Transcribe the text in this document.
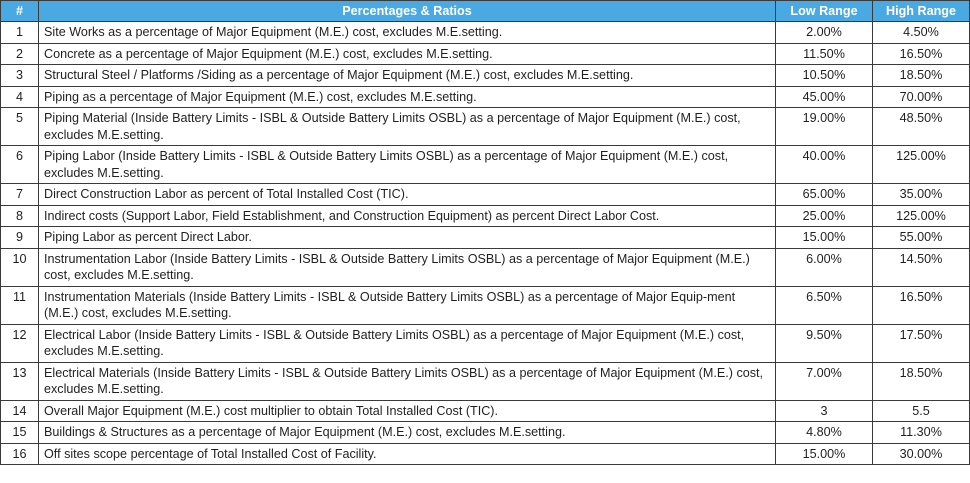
#	Percentages & Ratios	Low Range	High Range
1	Site Works as a percentage of Major Equipment (M.E.) cost, excludes M.E.setting.	2.00%	4.50%
2	Concrete as a percentage of Major Equipment (M.E.) cost, excludes M.E.setting.	11.50%	16.50%
3	Structural Steel / Platforms /Siding as a percentage of Major Equipment (M.E.) cost, excludes M.E.setting.	10.50%	18.50%
4	Piping as a percentage of Major Equipment (M.E.) cost, excludes M.E.setting.	45.00%	70.00%
5	Piping Material (Inside Battery Limits - ISBL & Outside Battery Limits OSBL) as a percentage of Major Equipment (M.E.) cost, excludes M.E.setting.	19.00%	48.50%
6	Piping Labor (Inside Battery Limits - ISBL & Outside Battery Limits OSBL) as a percentage of Major Equipment (M.E.) cost, excludes M.E.setting.	40.00%	125.00%
7	Direct Construction Labor as percent of Total Installed Cost (TIC).	65.00%	35.00%
8	Indirect costs (Support Labor, Field Establishment, and Construction Equipment) as percent Direct Labor Cost.	25.00%	125.00%
9	Piping Labor as percent Direct Labor.	15.00%	55.00%
10	Instrumentation Labor (Inside Battery Limits - ISBL & Outside Battery Limits OSBL) as a percentage of Major Equipment (M.E.) cost, excludes M.E.setting.	6.00%	14.50%
11	Instrumentation Materials (Inside Battery Limits - ISBL & Outside Battery Limits OSBL) as a percentage of Major Equip-ment (M.E.) cost, excludes M.E.setting.	6.50%	16.50%
12	Electrical Labor (Inside Battery Limits - ISBL & Outside Battery Limits OSBL) as a percentage of Major Equipment (M.E.) cost, excludes M.E.setting.	9.50%	17.50%
13	Electrical Materials (Inside Battery Limits - ISBL & Outside Battery Limits OSBL) as a percentage of Major Equipment (M.E.) cost, excludes M.E.setting.	7.00%	18.50%
14	Overall Major Equipment (M.E.) cost multiplier to obtain Total Installed Cost (TIC).	3	5.5
15	Buildings & Structures as a percentage of Major Equipment (M.E.) cost, excludes M.E.setting.	4.80%	11.30%
16	Off sites scope percentage of Total Installed Cost of Facility.	15.00%	30.00%
